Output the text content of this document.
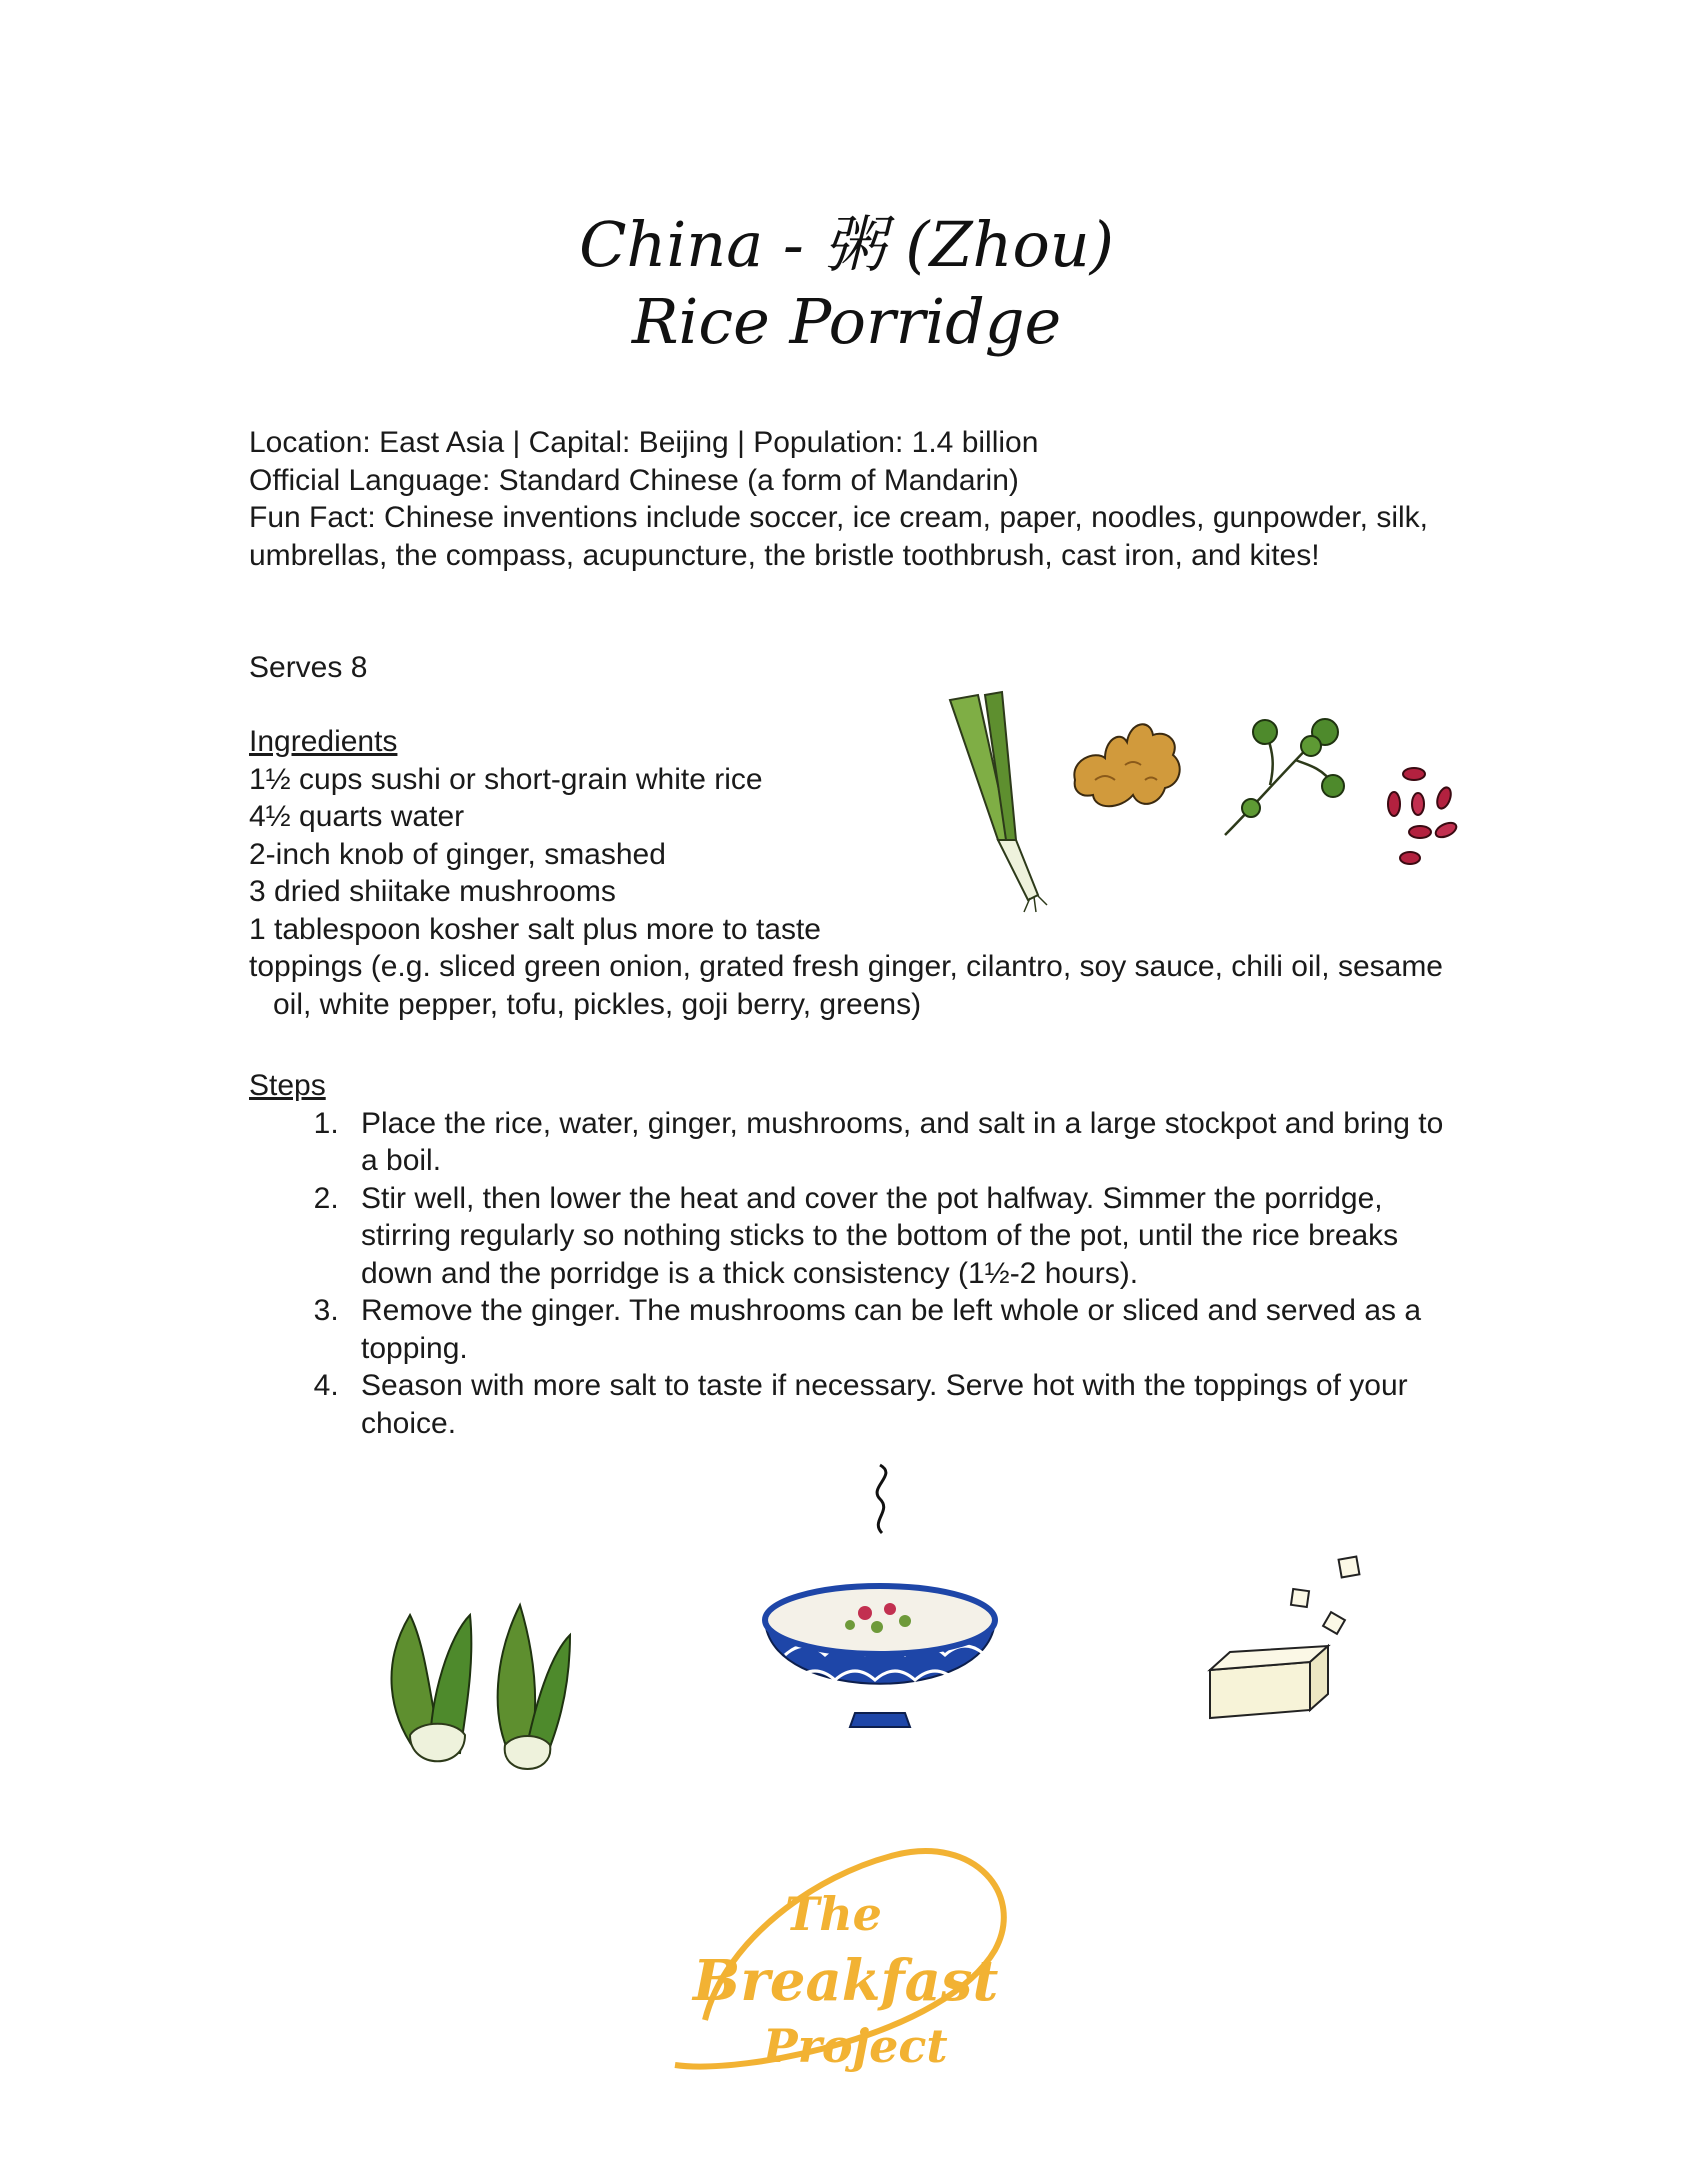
China - 粥 (Zhou)
Rice Porridge
Location: East Asia | Capital: Beijing | Population: 1.4 billion
Official Language: Standard Chinese (a form of Mandarin)
Fun Fact: Chinese inventions include soccer, ice cream, paper, noodles, gunpowder, silk,
umbrellas, the compass, acupuncture, the bristle toothbrush, cast iron, and kites!
Serves 8
Ingredients
1½ cups sushi or short-grain white rice
4½ quarts water
2-inch knob of ginger, smashed
3 dried shiitake mushrooms
1 tablespoon kosher salt plus more to taste
toppings (e.g. sliced green onion, grated fresh ginger, cilantro, soy sauce, chili oil, sesame oil, white pepper, tofu, pickles, goji berry, greens)
Steps
1. Place the rice, water, ginger, mushrooms, and salt in a large stockpot and bring to a boil.
2. Stir well, then lower the heat and cover the pot halfway. Simmer the porridge, stirring regularly so nothing sticks to the bottom of the pot, until the rice breaks down and the porridge is a thick consistency (1½-2 hours).
3. Remove the ginger. The mushrooms can be left whole or sliced and served as a topping.
4. Season with more salt to taste if necessary. Serve hot with the toppings of your choice.
The
Breakfast
Project
